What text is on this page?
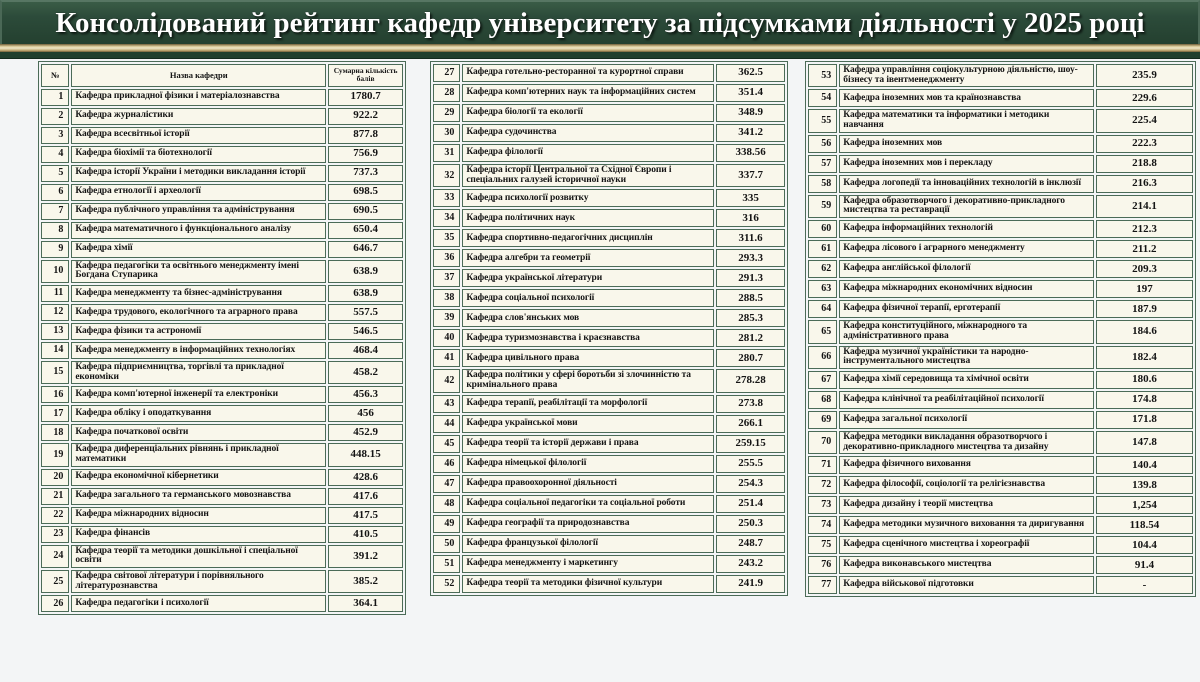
Консолідований рейтинг кафедр університету за підсумками діяльності у 2025 році
№	Назва кафедри	Сумарна кількість балів
1	Кафедра прикладної фізики і матеріалознавства	1780.7
2	Кафедра журналістики	922.2
3	Кафедра всесвітньої історії	877.8
4	Кафедра біохімії та біотехнології	756.9
5	Кафедра історії України і методики викладання історії	737.3
6	Кафедра етнології і археології	698.5
7	Кафедра публічного управління та адміністрування	690.5
8	Кафедра математичного і функціонального аналізу	650.4
9	Кафедра хімії	646.7
10	Кафедра педагогіки та освітнього менеджменту імені Богдана Ступарика	638.9
11	Кафедра менеджменту та бізнес-адміністрування	638.9
12	Кафедра трудового, екологічного та аграрного права	557.5
13	Кафедра фізики та астрономії	546.5
14	Кафедра менеджменту в інформаційних технологіях	468.4
15	Кафедра підприємництва, торгівлі та прикладної економіки	458.2
16	Кафедра комп'ютерної інженерії та електроніки	456.3
17	Кафедра обліку і оподаткування	456
18	Кафедра початкової освіти	452.9
19	Кафедра диференціальних рівнянь і прикладної математики	448.15
20	Кафедра економічної кібернетики	428.6
21	Кафедра загального та германського мовознавства	417.6
22	Кафедра міжнародних відносин	417.5
23	Кафедра фінансів	410.5
24	Кафедра теорії та методики дошкільної і спеціальної освіти	391.2
25	Кафедра світової літератури і порівняльного літературознавства	385.2
26	Кафедра педагогіки і психології	364.1
27	Кафедра готельно-ресторанної та курортної справи	362.5
28	Кафедра комп'ютерних наук та інформаційних систем	351.4
29	Кафедра біології та екології	348.9
30	Кафедра судочинства	341.2
31	Кафедра філології	338.56
32	Кафедра історії Центральної та Східної Європи і спеціальних галузей історичної науки	337.7
33	Кафедра психології розвитку	335
34	Кафедра політичних наук	316
35	Кафедра спортивно-педагогічних дисциплін	311.6
36	Кафедра алгебри та геометрії	293.3
37	Кафедра української літератури	291.3
38	Кафедра соціальної психології	288.5
39	Кафедра слов'янських мов	285.3
40	Кафедра туризмознавства і краєзнавства	281.2
41	Кафедра цивільного права	280.7
42	Кафедра політики у сфері боротьби зі злочинністю та кримінального права	278.28
43	Кафедра терапії, реабілітації та морфології	273.8
44	Кафедра української мови	266.1
45	Кафедра теорії та історії держави і права	259.15
46	Кафедра німецької філології	255.5
47	Кафедра правоохоронної діяльності	254.3
48	Кафедра соціальної педагогіки та соціальної роботи	251.4
49	Кафедра географії та природознавства	250.3
50	Кафедра французької філології	248.7
51	Кафедра менеджменту і маркетингу	243.2
52	Кафедра теорії та методики фізичної культури	241.9
53	Кафедра управління соціокультурною діяльністю, шоу-бізнесу та івентменеджменту	235.9
54	Кафедра іноземних мов та країнознавства	229.6
55	Кафедра математики та інформатики і методики навчання	225.4
56	Кафедра іноземних мов	222.3
57	Кафедра іноземних мов і перекладу	218.8
58	Кафедра логопедії та інноваційних технологій в інклюзії	216.3
59	Кафедра образотворчого і декоративно-прикладного мистецтва та реставрації	214.1
60	Кафедра інформаційних технологій	212.3
61	Кафедра лісового і аграрного менеджменту	211.2
62	Кафедра англійської філології	209.3
63	Кафедра міжнародних економічних відносин	197
64	Кафедра фізичної терапії, ерготерапії	187.9
65	Кафедра конституційного, міжнародного та адміністративного права	184.6
66	Кафедра музичної україністики та народно-інструментального мистецтва	182.4
67	Кафедра хімії середовища та хімічної освіти	180.6
68	Кафедра клінічної та реабілітаційної психології	174.8
69	Кафедра загальної психології	171.8
70	Кафедра методики викладання образотворчого і декоративно-прикладного мистецтва та дизайну	147.8
71	Кафедра фізичного виховання	140.4
72	Кафедра філософії, соціології та релігієзнавства	139.8
73	Кафедра дизайну і теорії мистецтва	1,254
74	Кафедра методики музичного виховання та диригування	118.54
75	Кафедра сценічного мистецтва і хореографії	104.4
76	Кафедра виконавського мистецтва	91.4
77	Кафедра військової підготовки	-
